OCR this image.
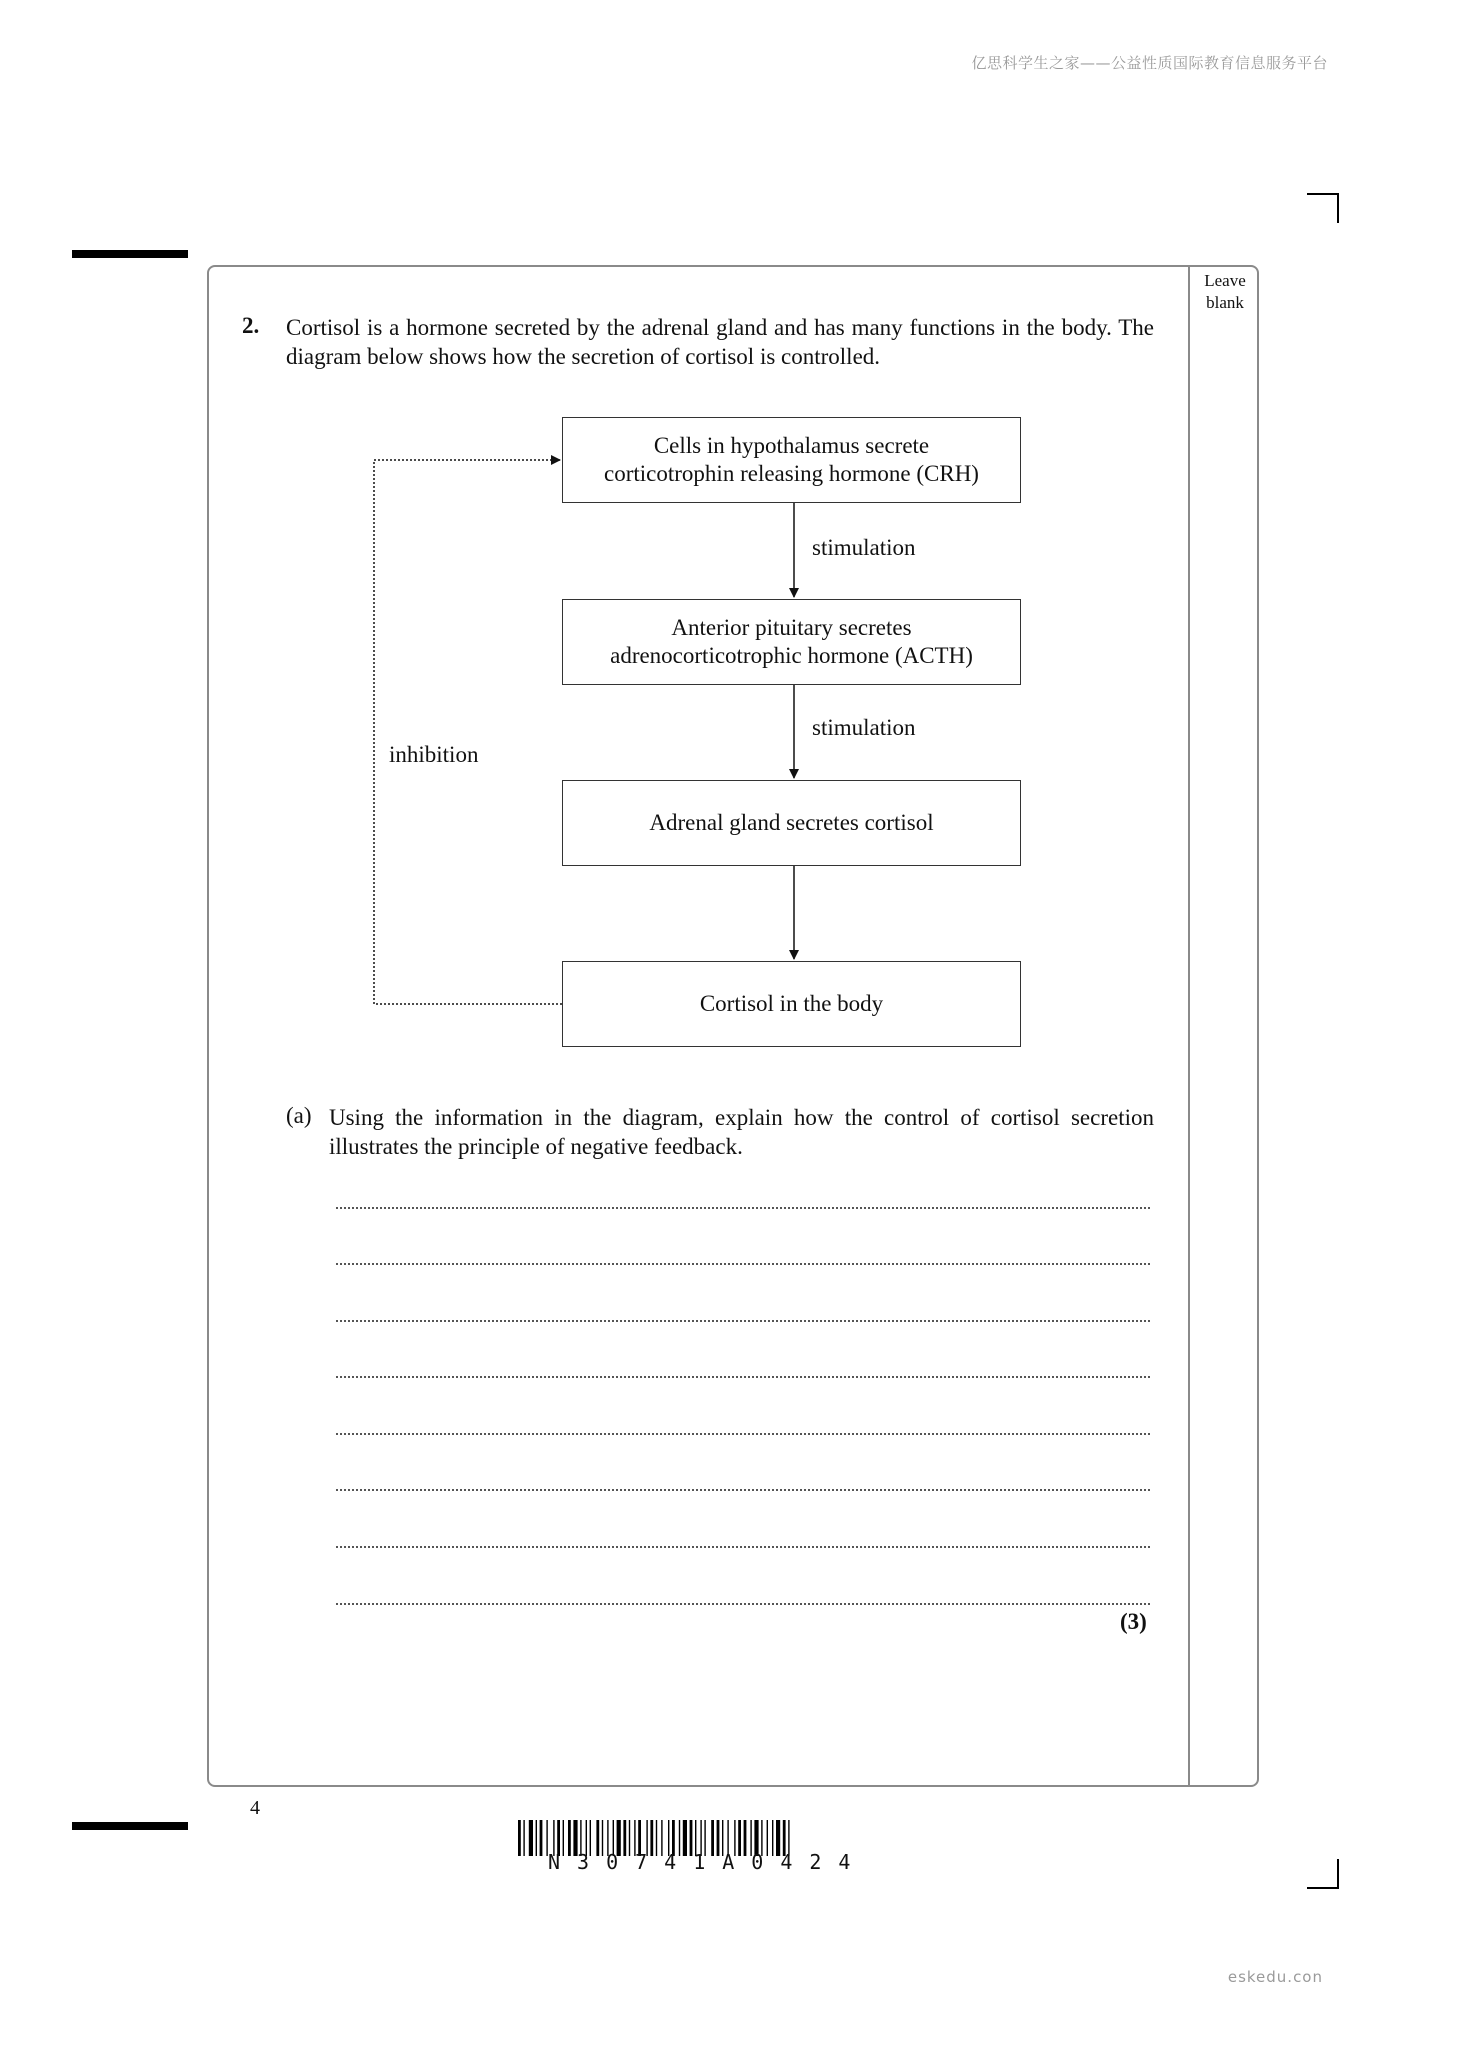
亿思科学生之家——公益性质国际教育信息服务平台
Leave blank
2. Cortisol is a hormone secreted by the adrenal gland and has many functions in the body. The diagram below shows how the secretion of cortisol is controlled.
Cells in hypothalamus secrete
corticotrophin releasing hormone (CRH)
Anterior pituitary secretes
adrenocorticotrophic hormone (ACTH)
Adrenal gland secretes cortisol
Cortisol in the body
stimulation
stimulation
inhibition
(a) Using the information in the diagram, explain how the control of cortisol secretion illustrates the principle of negative feedback.
(3)
4
N30741A0424
eskedu.con
